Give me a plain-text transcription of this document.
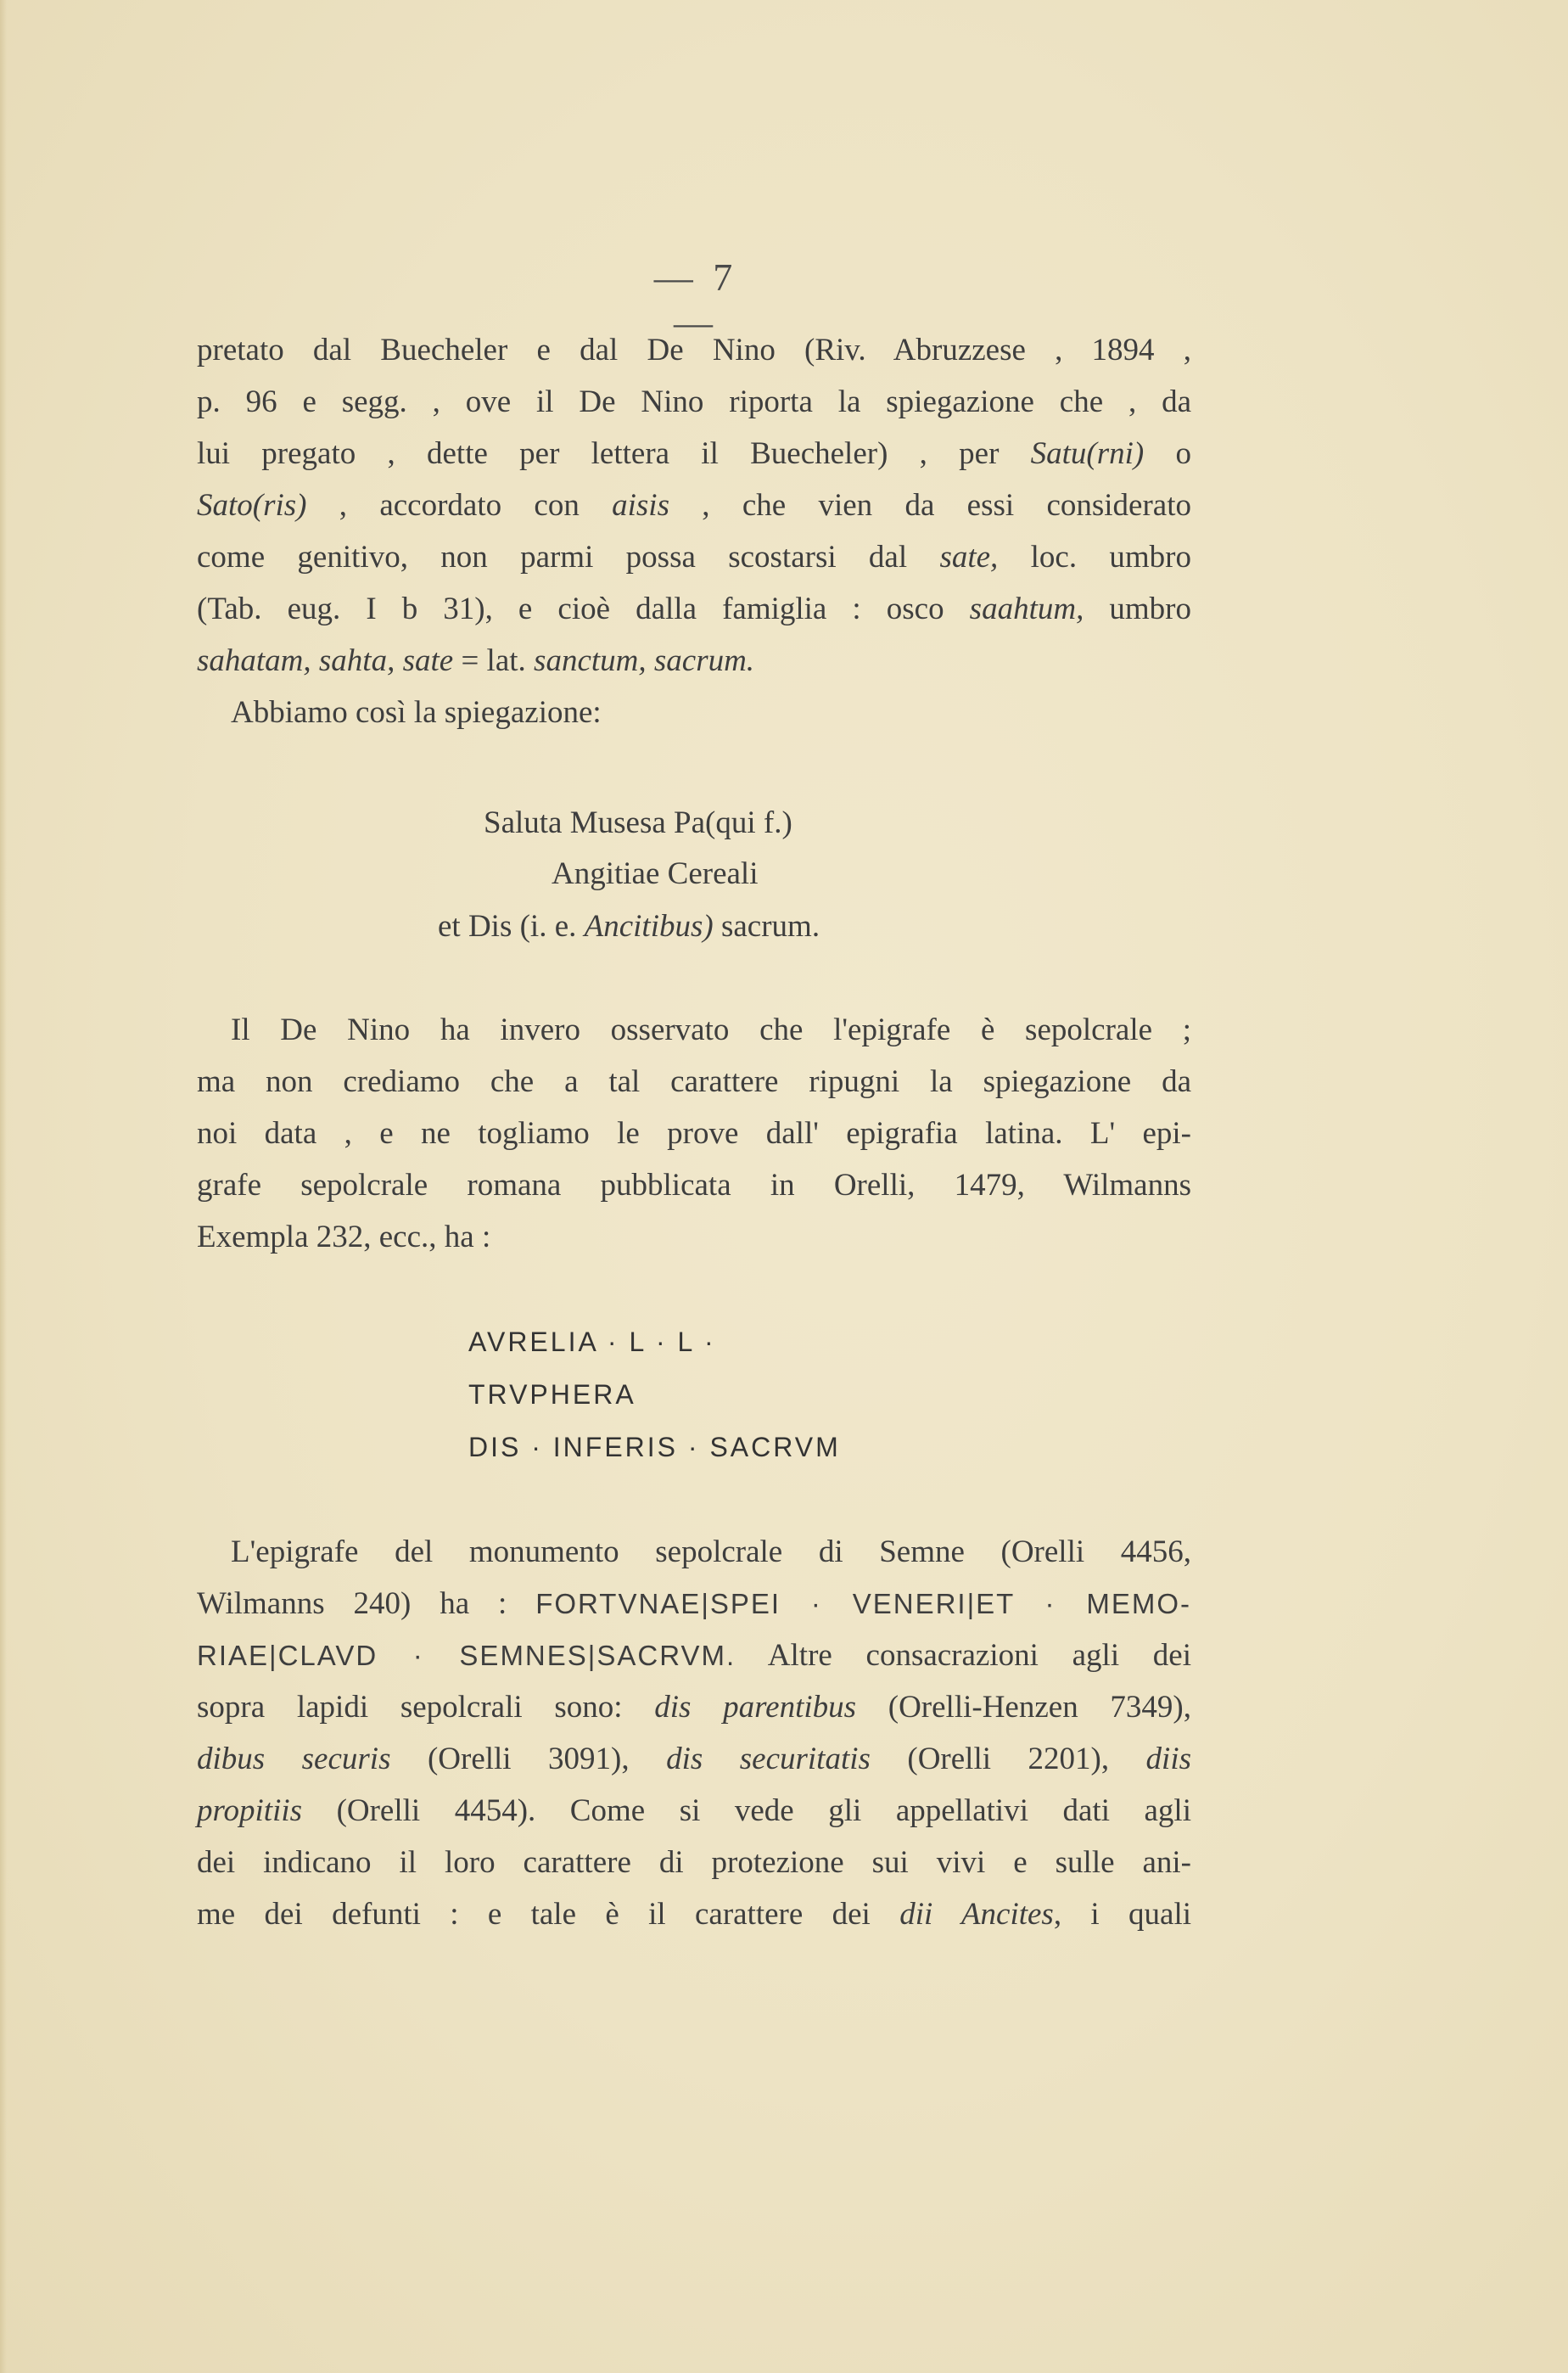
— 7 —
pretato dal Buecheler e dal De Nino (Riv. Abruzzese , 1894 ,
p. 96 e segg. , ove il De Nino riporta la spiegazione che , da
lui pregato , dette per lettera il Buecheler) , per Satu(rni) o
Sato(ris) , accordato con aisis , che vien da essi considerato
come genitivo, non parmi possa scostarsi dal sate, loc. umbro
(Tab. eug. I b 31), e cioè dalla famiglia : osco saahtum, umbro
sahatam, sahta, sate = lat. sanctum, sacrum.
Abbiamo così la spiegazione:
Saluta Musesa Pa(qui f.)
Angitiae Cereali
et Dis (i. e. Ancitibus) sacrum.
Il De Nino ha invero osservato che l'epigrafe è sepolcrale ;
ma non crediamo che a tal carattere ripugni la spiegazione da
noi data , e ne togliamo le prove dall' epigrafia latina. L' epi-
grafe sepolcrale romana pubblicata in Orelli, 1479, Wilmanns
Exempla 232, ecc., ha :
AVRELIA · L · L ·
TRVPHERA
DIS · INFERIS · SACRVM
L'epigrafe del monumento sepolcrale di Semne (Orelli 4456,
Wilmanns 240) ha : FORTVNAE|SPEI · VENERI|ET · MEMO-
RIAE|CLAVD · SEMNES|SACRVM. Altre consacrazioni agli dei
sopra lapidi sepolcrali sono: dis parentibus (Orelli-Henzen 7349),
dibus securis (Orelli 3091), dis securitatis (Orelli 2201), diis
propitiis (Orelli 4454). Come si vede gli appellativi dati agli
dei indicano il loro carattere di protezione sui vivi e sulle ani-
me dei defunti : e tale è il carattere dei dii Ancites, i quali
